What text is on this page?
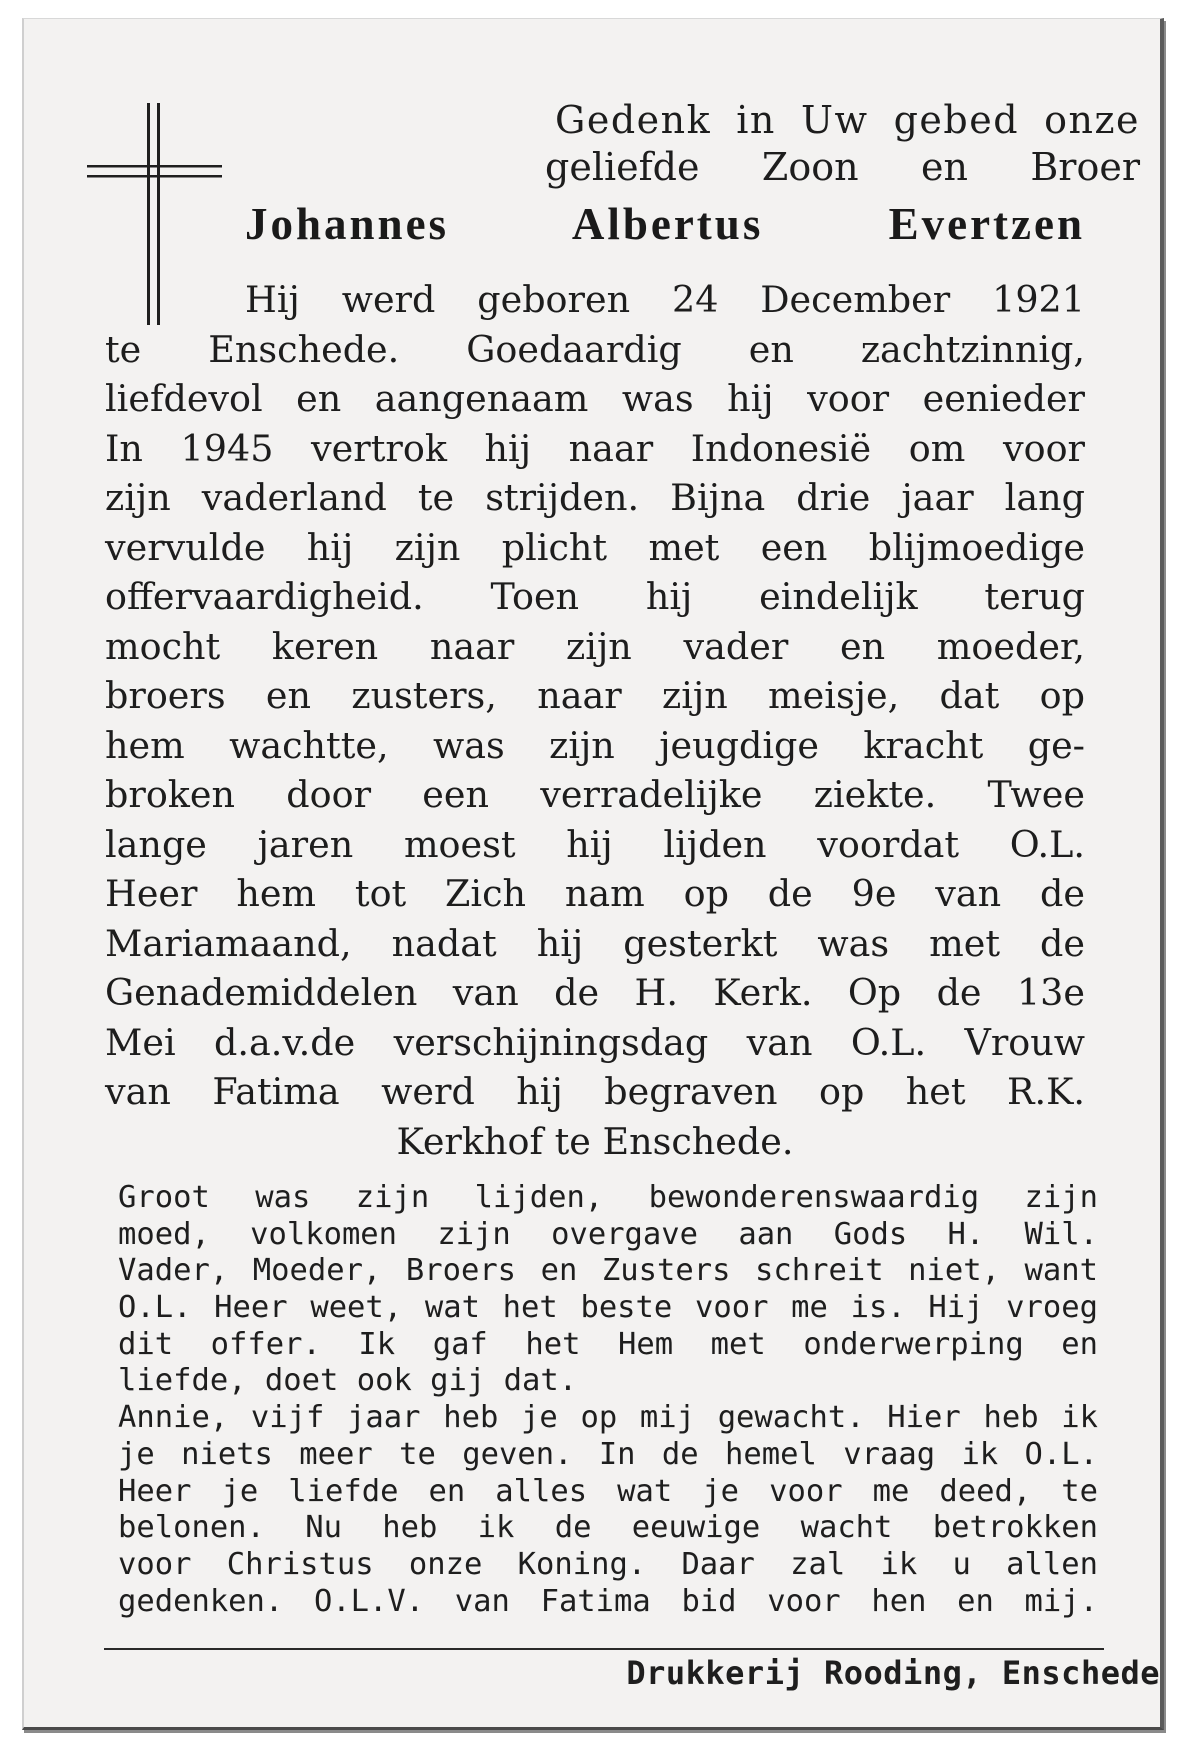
Gedenk in Uw gebed onze
geliefde Zoon en Broer
Johannes Albertus Evertzen
Hij werd geboren 24 December 1921
te Enschede. Goedaardig en zachtzinnig,
liefdevol en aangenaam was hij voor eenieder
In 1945 vertrok hij naar Indonesië om voor
zijn vaderland te strijden. Bijna drie jaar lang
vervulde hij zijn plicht met een blijmoedige
offervaardigheid. Toen hij eindelijk terug
mocht keren naar zijn vader en moeder,
broers en zusters, naar zijn meisje, dat op
hem wachtte, was zijn jeugdige kracht ge-
broken door een verradelijke ziekte. Twee
lange jaren moest hij lijden voordat O.L.
Heer hem tot Zich nam op de 9e van de
Mariamaand, nadat hij gesterkt was met de
Genademiddelen van de H. Kerk. Op de 13e
Mei d.a.v.de verschijningsdag van O.L. Vrouw
van Fatima werd hij begraven op het R.K.
Kerkhof te Enschede.
Groot was zijn lijden, bewonderenswaardig zijn
moed, volkomen zijn overgave aan Gods H. Wil.
Vader, Moeder, Broers en Zusters schreit niet, want
O.L. Heer weet, wat het beste voor me is. Hij vroeg
dit offer. Ik gaf het Hem met onderwerping en
liefde, doet ook gij dat.
Annie, vijf jaar heb je op mij gewacht. Hier heb ik
je niets meer te geven. In de hemel vraag ik O.L.
Heer je liefde en alles wat je voor me deed, te
belonen. Nu heb ik de eeuwige wacht betrokken
voor Christus onze Koning. Daar zal ik u allen
gedenken. O.L.V. van Fatima bid voor hen en mij.
Drukkerij Rooding, Enschede
